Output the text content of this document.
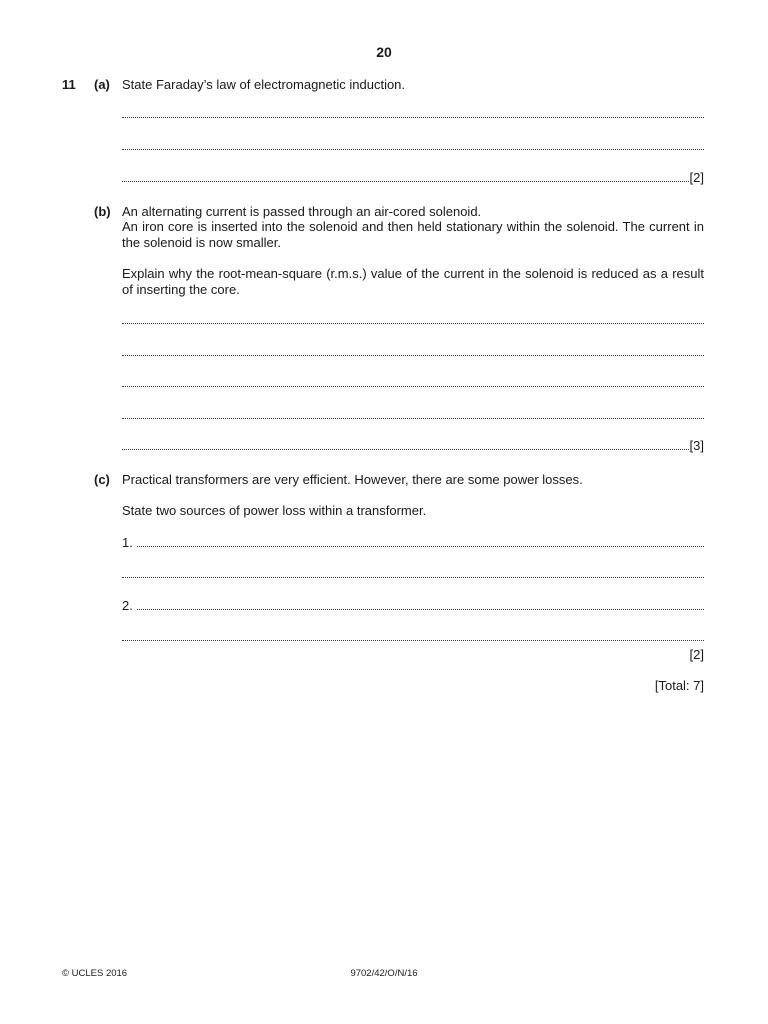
20
11 (a) State Faraday’s law of electromagnetic induction.
[2]
(b) An alternating current is passed through an air-cored solenoid.
An iron core is inserted into the solenoid and then held stationary within the solenoid. The current in the solenoid is now smaller.
Explain why the root-mean-square (r.m.s.) value of the current in the solenoid is reduced as a result of inserting the core.
[3]
(c) Practical transformers are very efficient. However, there are some power losses.
State two sources of power loss within a transformer.
1.
2.
[2]
[Total: 7]
© UCLES 2016	9702/42/O/N/16
